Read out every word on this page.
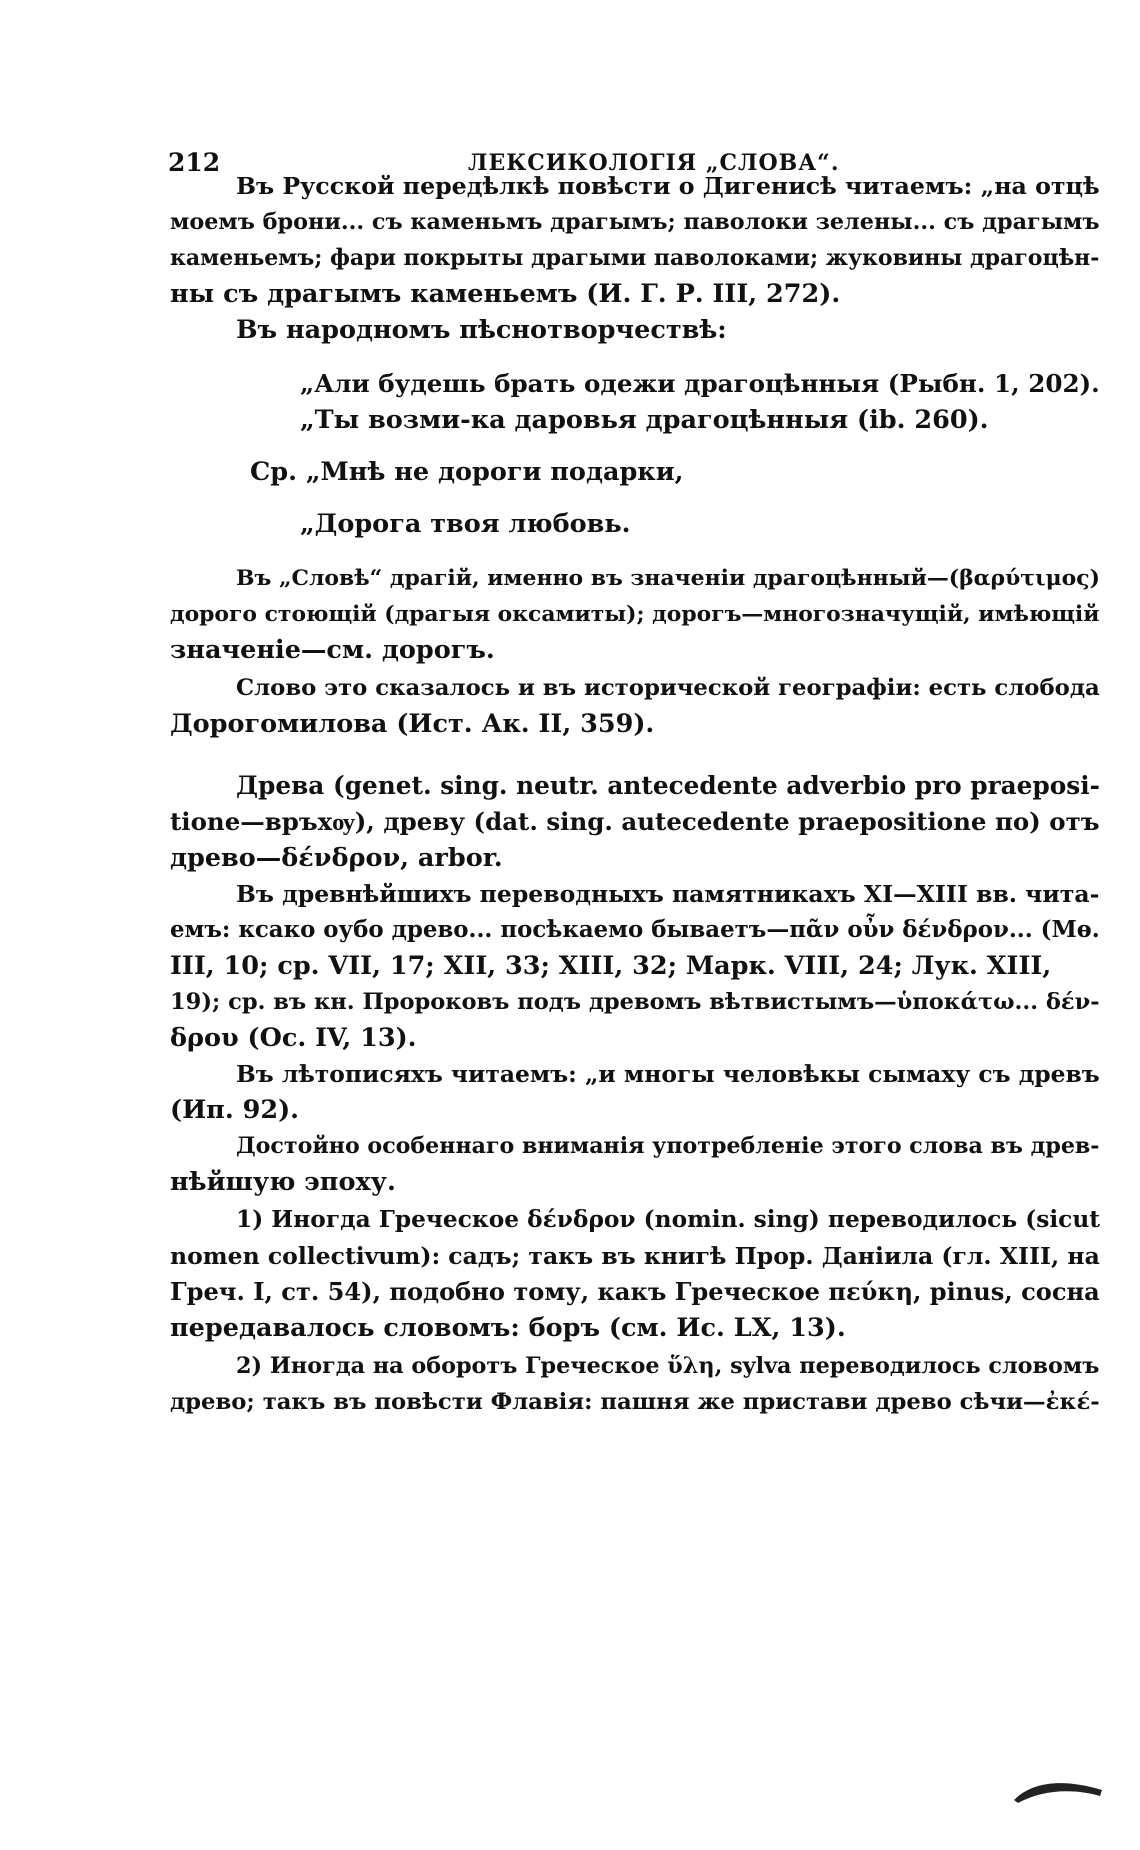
212	ЛЕКСИКОЛОГІЯ „СЛОВА“.
Въ Русской передѣлкѣ повѣсти о Дигенисѣ читаемъ: „на отцѣ
моемъ брони... съ каменьмъ драгымъ; паволоки зелены... съ драгымъ
каменьемъ; фари покрыты драгыми паволоками; жуковины драгоцѣн-
ны съ драгымъ каменьемъ (И. Г. Р. III, 272).
Въ народномъ пѣснотворчествѣ:
„Али будешь брать одежи драгоцѣнныя (Рыбн. 1, 202).
„Ты возми-ка даровья драгоцѣнныя (ib. 260).
Ср. „Мнѣ не дороги подарки,
„Дорога твоя любовь.
Въ „Словѣ“ драгій, именно въ значеніи драгоцѣнный—(βαρύτιμος)
дорого стоющій (драгыя оксамиты); дорогъ—многозначущій, имѣющій
значеніе—см. дорогъ.
Слово это сказалось и въ исторической географіи: есть слобода
Дорогомилова (Ист. Ак. II, 359).
Древа (genet. sing. neutr. antecedente adverbio pro praeposi-
tione—връхѹ), древу (dat. sing. autecedente praepositione по) отъ
древо—δένδρον, arbor.
Въ древнѣйшихъ переводныхъ памятникахъ XI—XIII вв. чита-
емъ: ксако оубо древо... посѣкаемо бываетъ—πᾶν οὖν δένδρον... (Мѳ.
III, 10; ср. VII, 17; XII, 33; XIII, 32; Марк. VIII, 24; Лук. XIII,
19); ср. въ кн. Пророковъ подъ древомъ вѣтвистымъ—ὑποκάτω... δέν-
δρου (Ос. IV, 13).
Въ лѣтописяхъ читаемъ: „и многы человѣкы сымаху съ древъ
(Ип. 92).
Достойно особеннаго вниманія употребленіе этого слова въ древ-
нѣйшую эпоху.
1) Иногда Греческое δένδρον (nomin. sing) переводилось (sicut
nomen collectivum): садъ; такъ въ книгѣ Прор. Даніила (гл. XIII, на
Греч. I, ст. 54), подобно тому, какъ Греческое πεύκη, pinus, сосна
передавалось словомъ: боръ (см. Ис. LX, 13).
2) Иногда на оборотъ Греческое ὕλη, sylva переводилось словомъ
древо; такъ въ повѣсти Флавія: пашня же пристави древо сѣчи—ἐκέ-
